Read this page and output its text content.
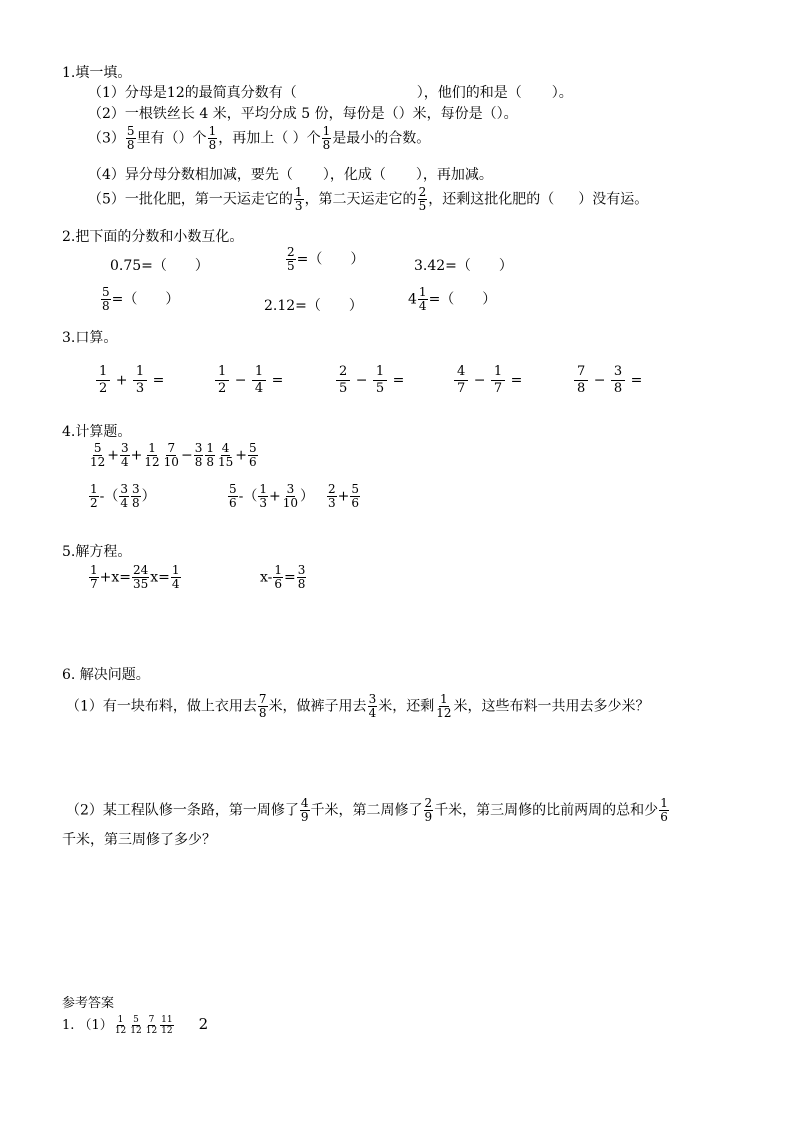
1.填一填。
（1）分母是12的最简真分数有（	），他们的和是（ ）。
（2）一根铁丝长 4 米，平均分成 5 份，每份是（）米，每份是（）。
$(3) \frac{5}{8}$ 里有（）个 $\frac{1}{8}$ ，再加上（ ）个 $\frac{1}{8}$ 是最小的合数。
（4）异分母分数相加减，要先（ ），化成（ ），再加减。
（5）一批化肥，第一天运走它的 $\frac{1}{3}$ ，第二天运走它的 $\frac{2}{5}$ ，还剩这批化肥的（ ）没有运。
2.把下面的分数和小数互化。
0.75=（　　）	$\frac{2}{5}$ =（　　）	3.42=（　　）
$\frac{5}{8}$ =（　　）	2.12=（　　）	$4 \frac{1}{4}$ =（　　）
3.口算。
$\frac{1}{2} + \frac{1}{3}$ =	$\frac{1}{2} - \frac{1}{4}$ =	$\frac{2}{5} - \frac{1}{5}$ =	$\frac{4}{7} - \frac{1}{7}$ =	$\frac{7}{8} - \frac{3}{8}$ =
4.计算题。
$\frac{5}{12} + \frac{3}{4} + \frac{1}{12} \frac{7}{10} - \frac{3}{8} \frac{1}{8} \frac{4}{15} + \frac{5}{6}$
$\frac{1}{2}$ -（ $\frac{3}{4} \frac{3}{8}$ ）	$\frac{5}{6}$ -（ $\frac{1}{3} + \frac{3}{10}$ ） $\frac{2}{3} + \frac{5}{6}$
5.解方程。
$\frac{1}{7} +x= \frac{24}{35} x= \frac{1}{4}$	$x- \frac{1}{6} = \frac{3}{8}$
6. 解决问题。
（1）有一块布料，做上衣用去 $\frac{7}{8}$ 米，做裤子用去 $\frac{3}{4}$ 米，还剩 $\frac{1}{12}$ 米，这些布料一共用去多少米？
（2）某工程队修一条路，第一周修了 $\frac{4}{9}$ 千米，第二周修了 $\frac{2}{9}$ 千米，第三周修的比前两周的总和少 $\frac{1}{6}$
千米，第三周修了多少？
参考答案
1. $(1) \frac{1}{12} \frac{5}{12} \frac{7}{12} \frac{11}{12} 2$
